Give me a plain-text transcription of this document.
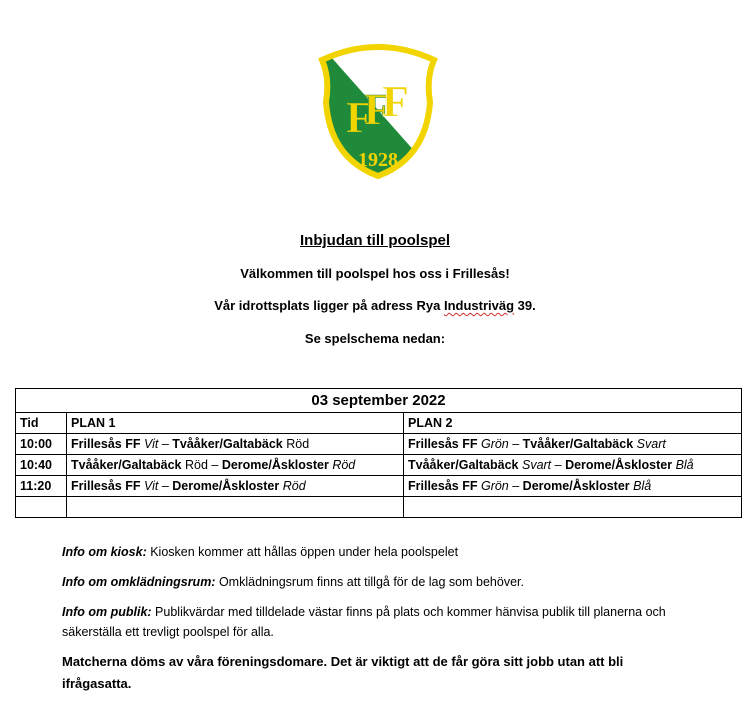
F
F
F
1928
Inbjudan till poolspel
Välkommen till poolspel hos oss i Frillesås!
Vår idrottsplats ligger på adress Rya Industriväg 39.
Se spelschema nedan:
03 september 2022		
Tid	PLAN 1	PLAN 2
10:00	Frillesås FF Vit – Tvååker/Galtabäck Röd	Frillesås FF Grön – Tvååker/Galtabäck Svart
10:40	Tvååker/Galtabäck Röd – Derome/Åskloster Röd	Tvååker/Galtabäck Svart – Derome/Åskloster Blå
11:20	Frillesås FF Vit – Derome/Åskloster Röd	Frillesås FF Grön – Derome/Åskloster Blå

Info om kiosk: Kiosken kommer att hållas öppen under hela poolspelet
Info om omklädningsrum: Omklädningsrum finns att tillgå för de lag som behöver.
Info om publik: Publikvärdar med tilldelade västar finns på plats och kommer hänvisa publik till planerna och säkerställa ett trevligt poolspel för alla.
Matcherna döms av våra föreningsdomare. Det är viktigt att de får göra sitt jobb utan att bli ifrågasatta.
